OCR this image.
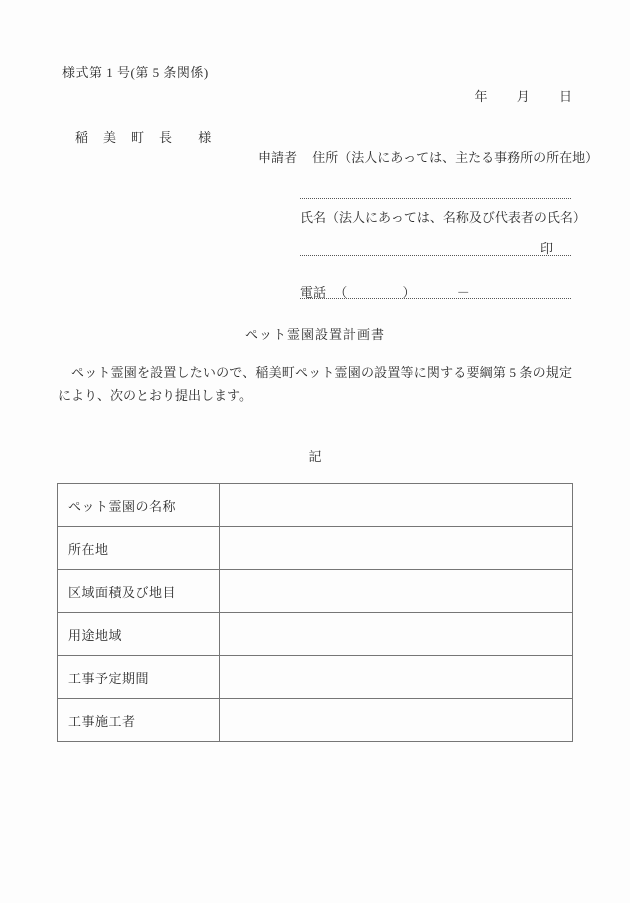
様式第 1 号(第 5 条関係)
年 月 日
稲　美　町　長 様
申請者 住所（法人にあっては、主たる事務所の所在地）
氏名（法人にあっては、名称及び代表者の氏名）
印
電話 （	）	－
ペット霊園設置計画書
ペット霊園を設置したいので、稲美町ペット霊園の設置等に関する要綱第 5 条の規定により、次のとおり提出します。
記
ペット霊園の名称	
所在地	
区域面積及び地目	
用途地域	
工事予定期間	
工事施工者	
